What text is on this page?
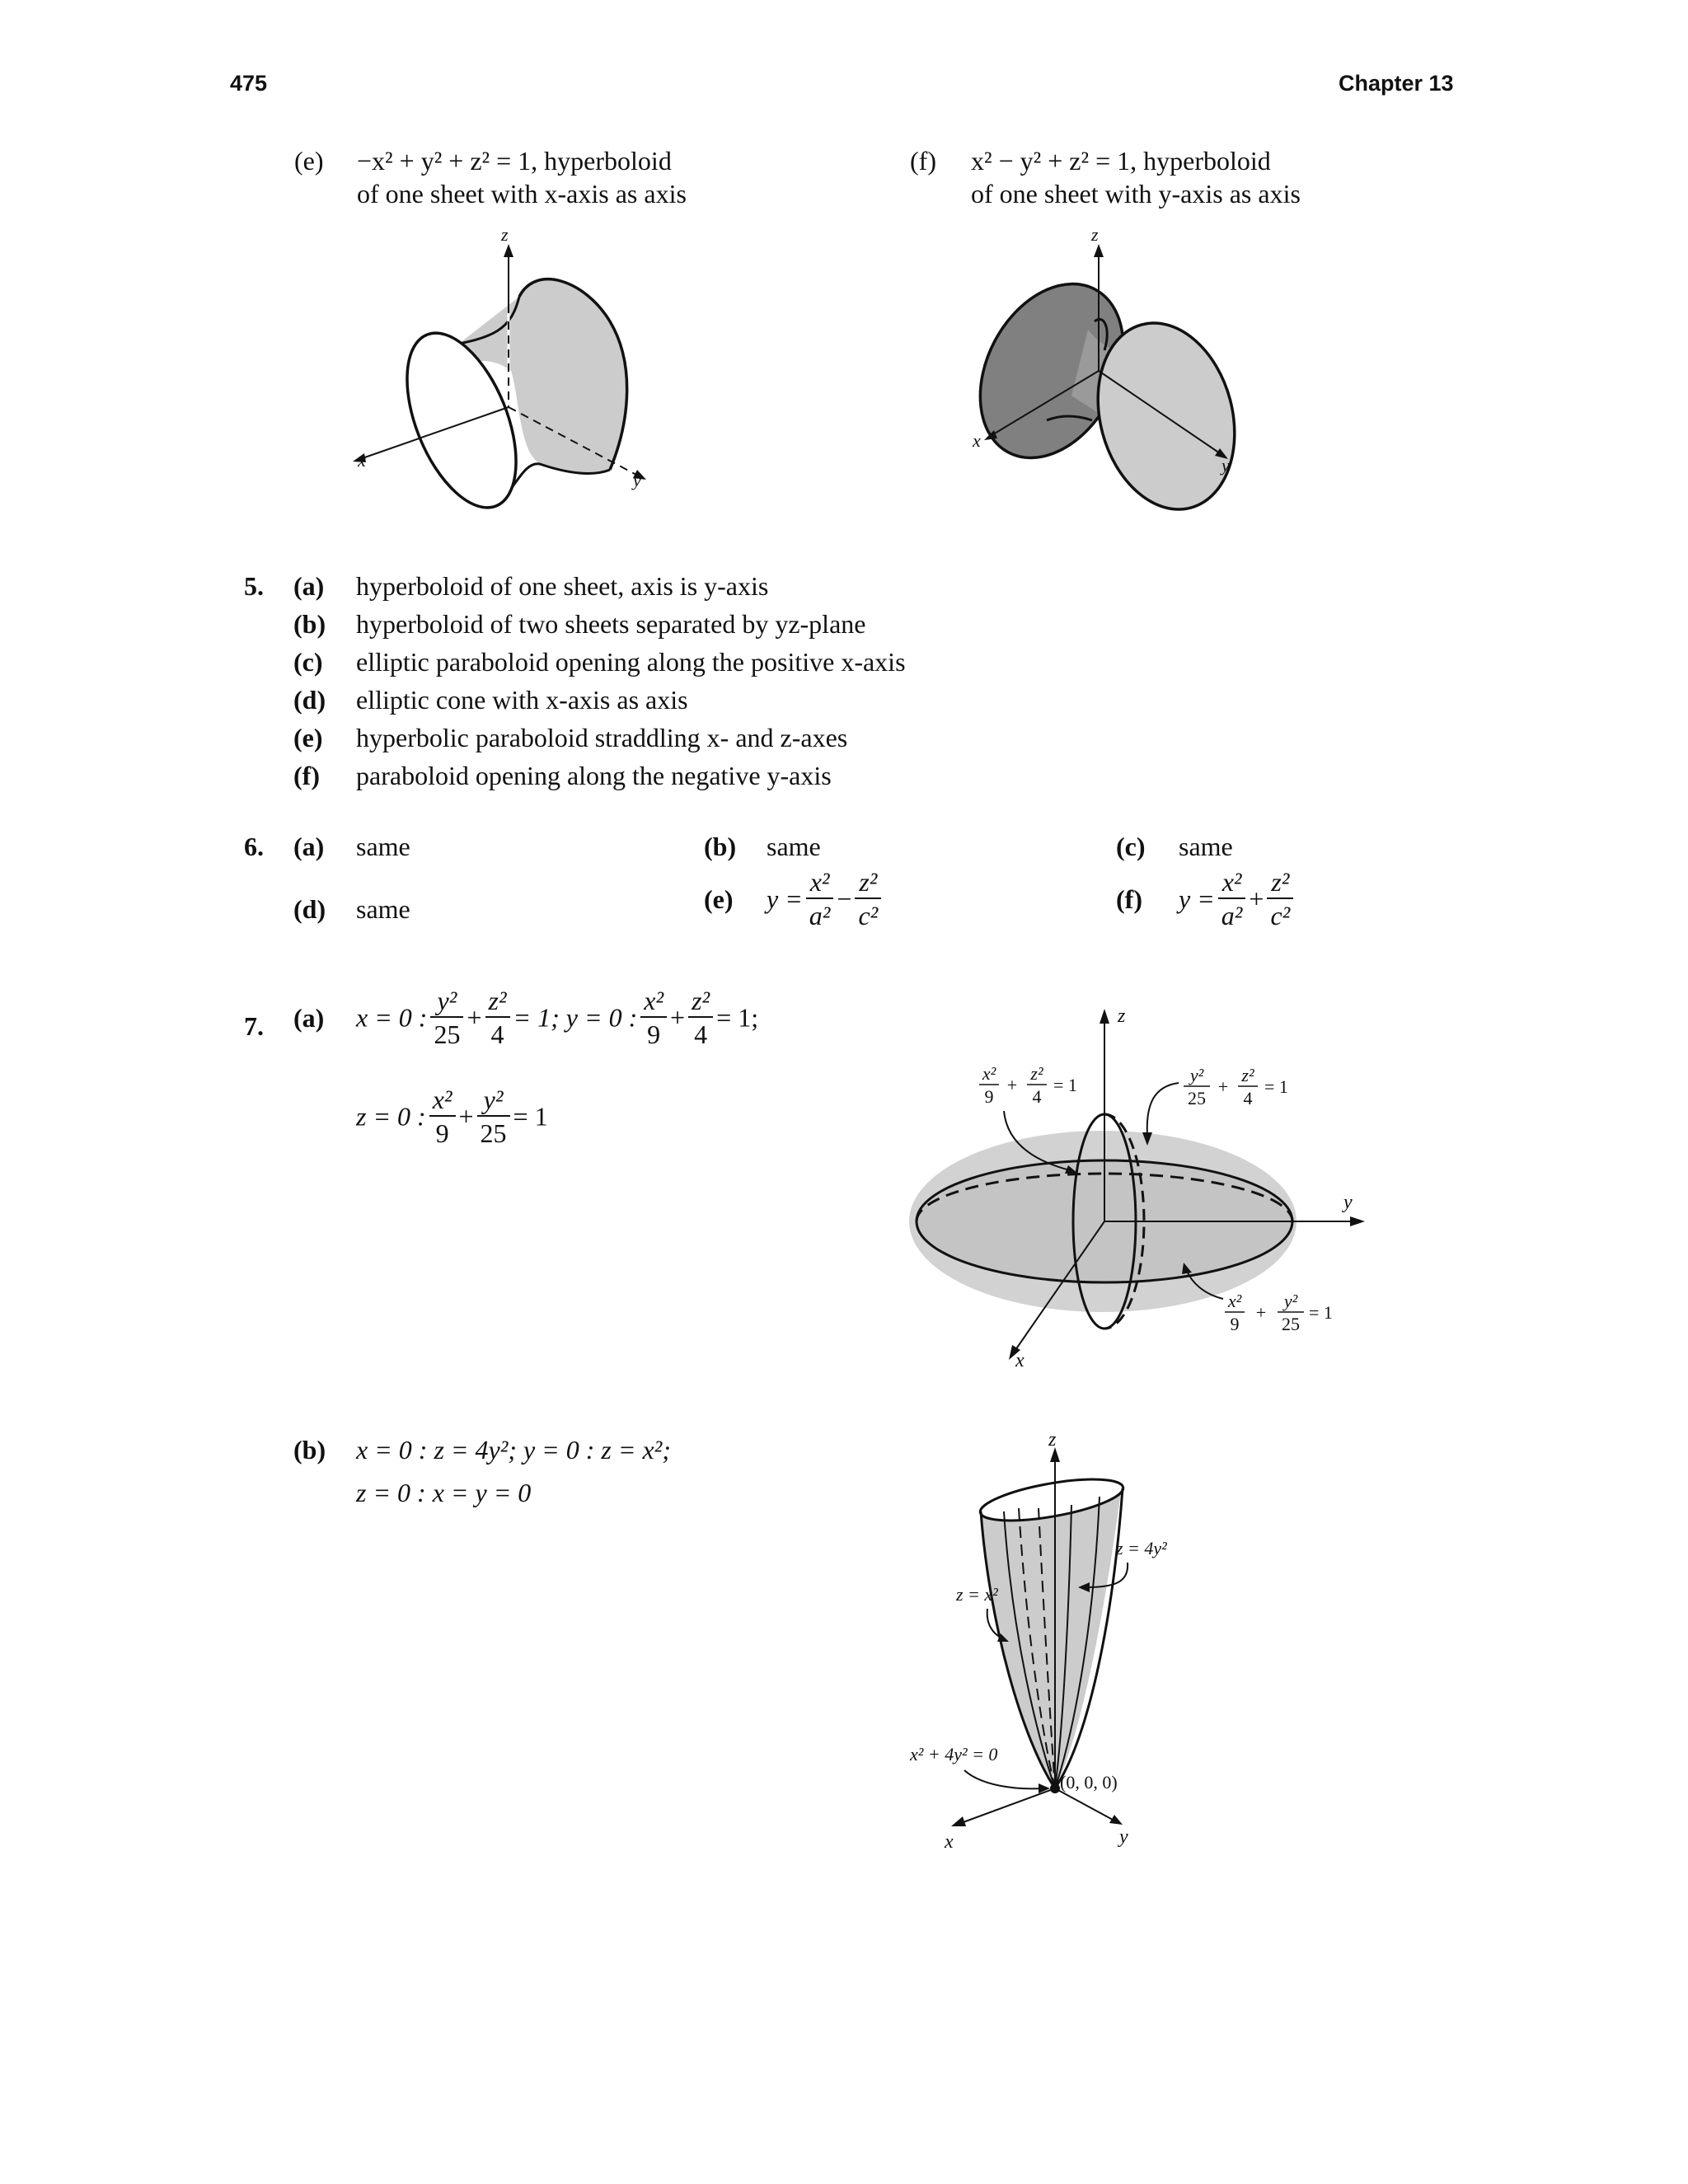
475	Chapter 13
(e) −x² + y² + z² = 1, hyperboloid
of one sheet with x-axis as axis
(f) x² − y² + z² = 1, hyperboloid
of one sheet with y-axis as axis
z
x
y
z
x
y
5. (a) hyperboloid of one sheet, axis is y-axis
(b) hyperboloid of two sheets separated by yz-plane
(c) elliptic paraboloid opening along the positive x-axis
(d) elliptic cone with x-axis as axis
(e) hyperbolic paraboloid straddling x- and z-axes
(f) paraboloid opening along the negative y-axis
6. (a) same	(b) same	(c) same
(d) same	(e) $y = \frac{\text{x²}}{\text{a²}} - \frac{\text{z²}}{\text{c²}}$	(f) $y = \frac{\text{x²}}{\text{a²}} + \frac{\text{z²}}{\text{c²}}$
7. (a) x = 0 : $\frac{\text{y²}}{25} + \frac{\text{z²}}{4} = 1$; y = 0 : $\frac{\text{x²}}{9} + \frac{\text{z²}}{4} = 1$;
z = 0 : $\frac{\text{x²}}{9} + \frac{\text{y²}}{25} = 1$
z
y
x
x²
9
+
z²
4
= 1	y²
25
+
z²
4
= 1
x²
9
+
y²
25
= 1
(b) x = 0 : z = 4y²; y = 0 : z = x²;
z = 0 : x = y = 0
z
x	y
z = x²
z = 4y²
x² + 4y² = 0
(0, 0, 0)
